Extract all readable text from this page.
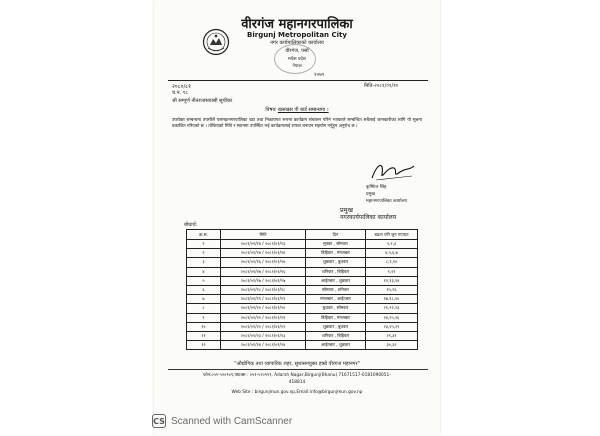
वीरगंज महानगरपालिका
Birgunj Metropolitan City
नगर कार्यपालिकाको कार्यालय
वीरगंज, पर्सा
मधेश प्रदेश
नेपाल
२०७९
२०८०/८१
च.न. ९८
श्री सम्पूर्ण नीतराजसवासी सूचीका
मिति-२०८१/०१/१०
विषयः खसखस पी बार्ड सम्बन्धमा ।
उपरोक्त सम्बन्धमा तपसीलै यसमहानगरपालिका वडा तथा निकायगत रूपमा कार्यक्रम संचालन गरिने भएकाले सम्बन्धित सबैलाई जानकारीका लागि यो सूचना प्रकाशित गरिएको छ । तोकिएको मिति र स्थानमा उपस्थित भई कार्यक्रमलाई सफल बनाउन सहयोग गर्नुहुन अनुरोध छ ।
कृष्णिल सिंह
प्रमुख
महानगरपालिका कार्यालय
प्रमुख
नगरकार्यपालिका कार्यालय
बोधार्थ:
क्र.स.	मिति	दिन	बढता पनि जुन गएपात
१	२०८१/०१/१४ / २०८१/०१/१३	मुक्का , सोमवार	१,२,३
२	२०८१/०१/१४ / २०८१/०१/१४	बिहिवार , मंगलबार	४,५,६,७
३	२०८१/०१/१६ / २०८१/०१/१४	शुक्रवार , बुधवार	८,९,१०
४	२०८१/०१/१७ / २०८१/०१/१६	शनिवार , बिहिवार	१,११
५	२०८१/०१/१७ / २०८१/०१/१७	आईतबार , शुक्रवार	१२,१३,१४
६	२०८१/०१/१८ / २०८१/०१/१८	सोमवार , शनिवार	१५,१६
७	२०८१/०१/१९ / २०८१/०१/१९	मंगलबार , आईतबार	१७,१८,२०
८	२०८१/०१/२० / २०८१/०१/२०	बुधवार , सोमवार	२१,२२,२३
९	२०८१/०१/२१ / २०८१/०१/२१	बिहिवार , मंगलबार	२४,२५,२६
१०	२०८१/०१/२२ / २०८१/०१/२२	शुक्रवार , बुधवार	२३,२५,२१
११	२०८१/०१/२३ / २०८१/०१/२३	शनिवार , बिहिवार	२९,३१
१२	२०८१/०१/२४ / २०८१/०१/२४	आईतबार , शुक्रवार	३०,३२
"औद्योगिक तथा व्यापारिक शहर, सुशासनयुक्त हाम्रो वीरगंज महानगर"
फोन:०५१-५२०९०९,फ्याक्स : ०५१-५२०९१९, Adarsh Nagar,Birgunj(Bhanu) 71671517-0181090051-
418814
Web Site : birgunjmun.gov.np,Email:info@birgunjmun.gov.np
CS Scanned with CamScanner
